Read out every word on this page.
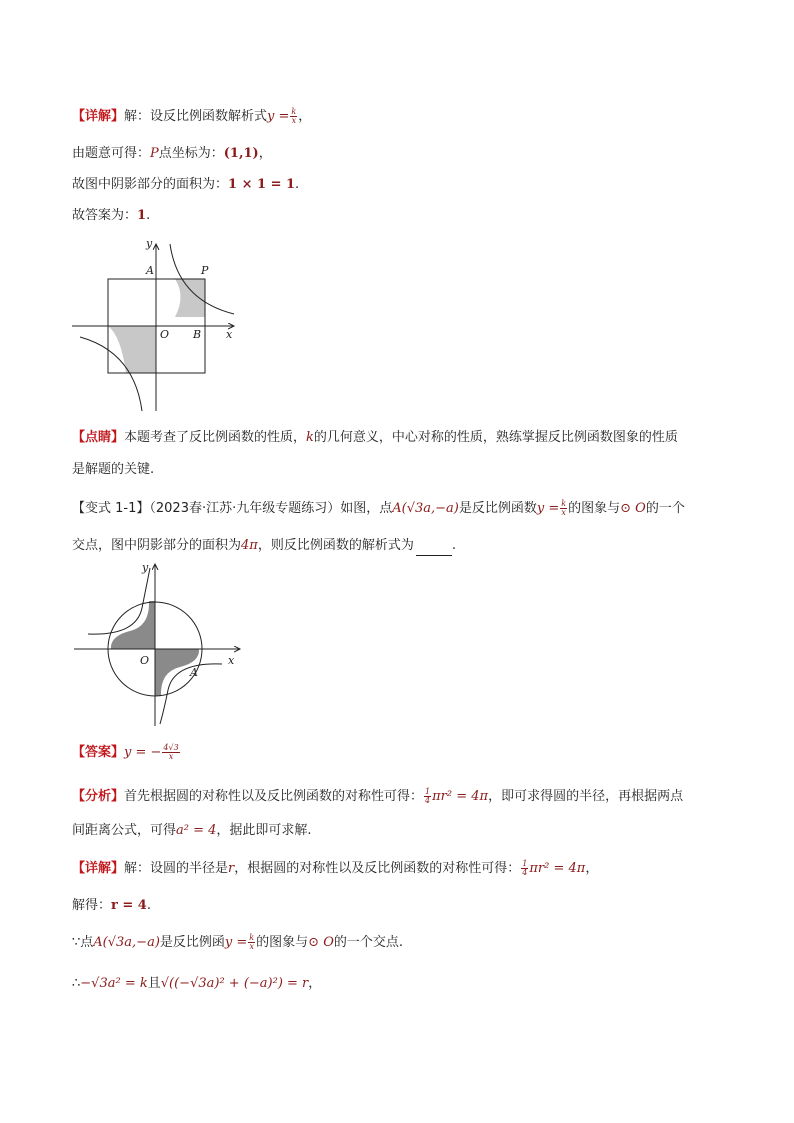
【详解】解：设反比例函数解析式$y = \frac{k}{x}$ ，
由题意可得：P点坐标为：(1,1)，
故图中阴影部分的面积为：1 × 1 = 1.
故答案为：1.
y
x
A	P
O B
【点睛】本题考查了反比例函数的性质，k的几何意义，中心对称的性质，熟练掌握反比例函数图象的性质
是解题的关键.
【变式 1-1】（2023春·江苏·九年级专题练习）如图，点A(√3a,−a)是反比例函数$y = \frac{k}{x}$ 的图象与⊙ O的一个
交点，图中阴影部分的面积为4π，则反比例函数的解析式为	.
y
x
O
A
【答案】y = − $\frac{4√3}{x}$
【分析】首先根据圆的对称性以及反比例函数的对称性可得： $\frac{1}{4} \pi r^2 = 4\pi$，即可求得圆的半径，再根据两点
间距离公式，可得a² = 4，据此即可求解.
【详解】解：设圆的半径是r，根据圆的对称性以及反比例函数的对称性可得： $\frac{1}{4} \pi r^2 = 4\pi$，
解得：r = 4.
∵点A(√3a,−a)是反比例函$y = \frac{k}{x}$ 的图象与⊙ O的一个交点.
∴−√3a² = k且√((−√3a)² + (−a)²) = r，
